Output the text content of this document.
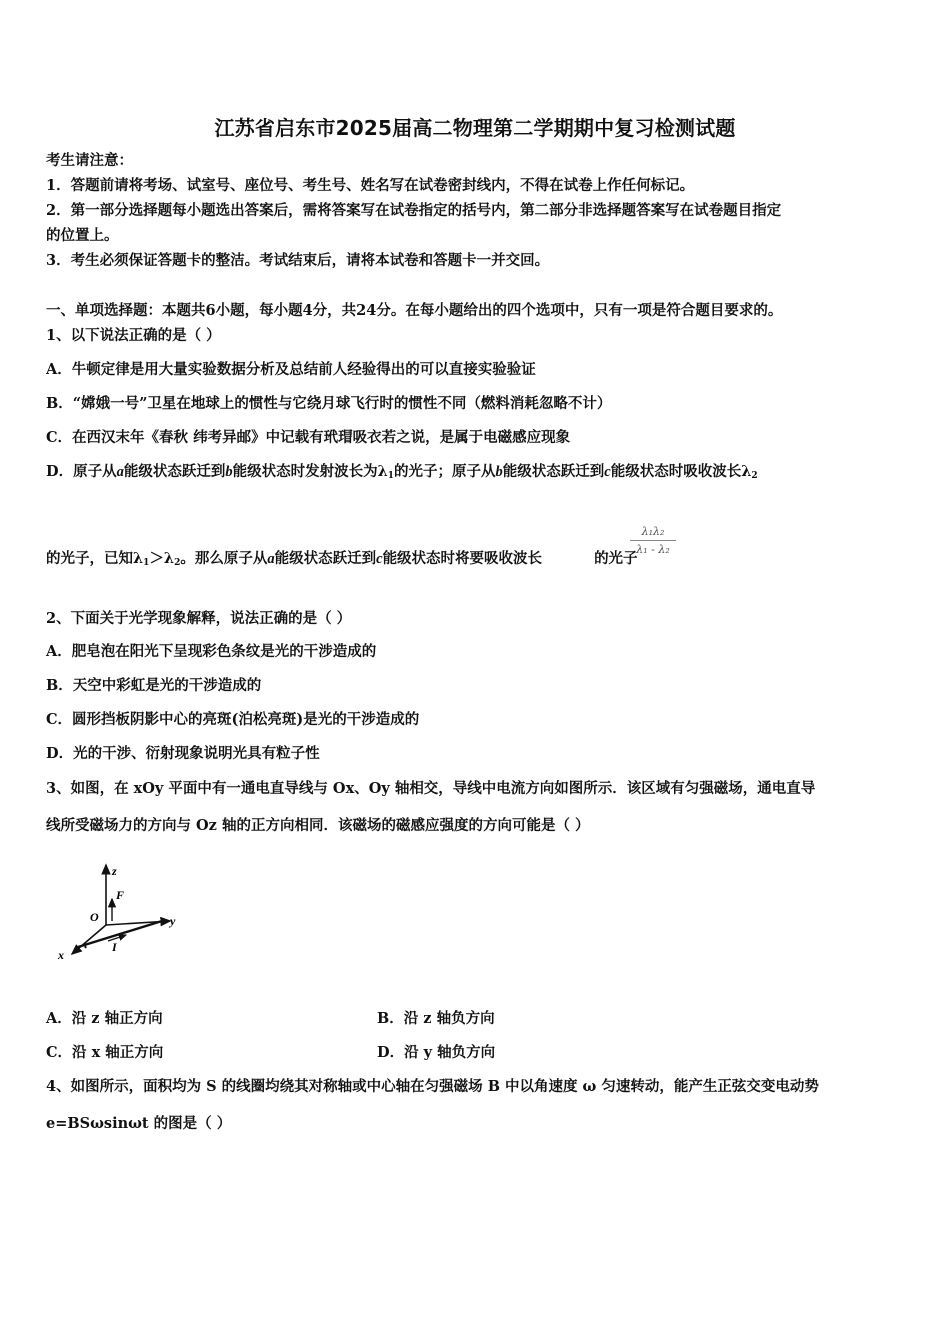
江苏省启东市2025届高二物理第二学期期中复习检测试题
考生请注意：
1．答题前请将考场、试室号、座位号、考生号、姓名写在试卷密封线内，不得在试卷上作任何标记。
2．第一部分选择题每小题选出答案后，需将答案写在试卷指定的括号内，第二部分非选择题答案写在试卷题目指定
的位置上。
3．考生必须保证答题卡的整洁。考试结束后，请将本试卷和答题卡一并交回。
一、单项选择题：本题共6小题，每小题4分，共24分。在每小题给出的四个选项中，只有一项是符合题目要求的。
1、以下说法正确的是（ ）
A．牛顿定律是用大量实验数据分析及总结前人经验得出的可以直接实验验证
B．“嫦娥一号”卫星在地球上的惯性与它绕月球飞行时的惯性不同（燃料消耗忽略不计）
C．在西汉末年《春秋 纬考异邮》中记载有玳瑁吸衣若之说，是属于电磁感应现象
D．原子从a能级状态跃迁到b能级状态时发射波长为$\lambda_1$的光子；原子从b能级状态跃迁到c能级状态时吸收波长$\lambda_2$
的光子，已知$\lambda_1>\lambda_2$。那么原子从a能级状态跃迁到c能级状态时将要吸收波长	的光子
λ₁λ₂
λ₁ - λ₂
2、下面关于光学现象解释，说法正确的是（ ）
A．肥皂泡在阳光下呈现彩色条纹是光的干涉造成的
B．天空中彩虹是光的干涉造成的
C．圆形挡板阴影中心的亮斑(泊松亮斑)是光的干涉造成的
D．光的干涉、衍射现象说明光具有粒子性
3、如图，在 xOy 平面中有一通电直导线与 Ox、Oy 轴相交，导线中电流方向如图所示．该区域有匀强磁场，通电直导
线所受磁场力的方向与 Oz 轴的正方向相同．该磁场的磁感应强度的方向可能是（ ）
z
F
O	y
x
I
A．沿 z 轴正方向	B．沿 z 轴负方向
C．沿 x 轴正方向	D．沿 y 轴负方向
4、如图所示，面积均为 S 的线圈均绕其对称轴或中心轴在匀强磁场 B 中以角速度 ω 匀速转动，能产生正弦交变电动势
e=BSωsinωt 的图是（ ）
